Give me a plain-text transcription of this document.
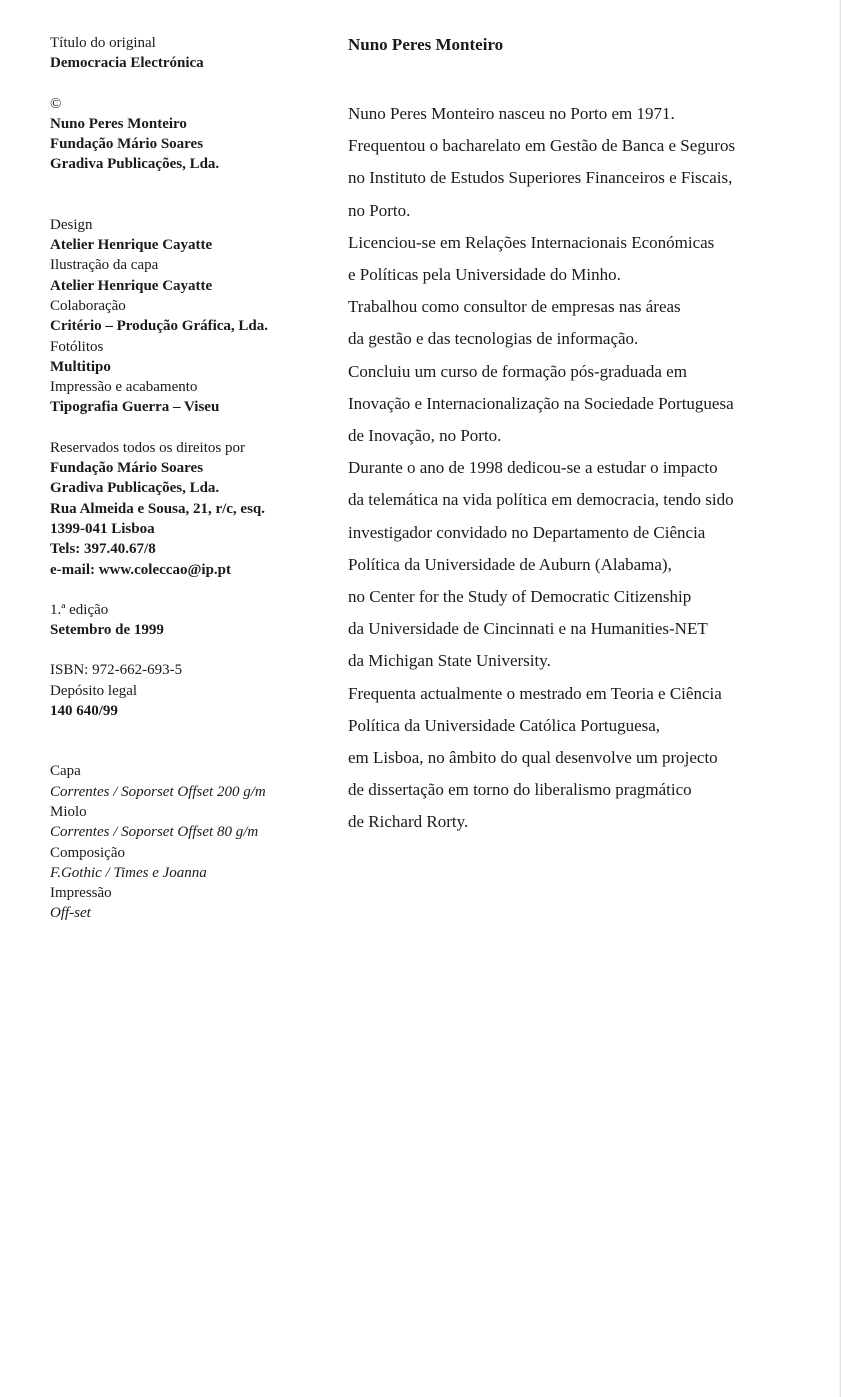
Título do original
Democracia Electrónica
©
Nuno Peres Monteiro
Fundação Mário Soares
Gradiva Publicações, Lda.
Design
Atelier Henrique Cayatte
Ilustração da capa
Atelier Henrique Cayatte
Colaboração
Critério – Produção Gráfica, Lda.
Fotólitos
Multitipo
Impressão e acabamento
Tipografia Guerra – Viseu
Reservados todos os direitos por
Fundação Mário Soares
Gradiva Publicações, Lda.
Rua Almeida e Sousa, 21, r/c, esq.
1399-041 Lisboa
Tels: 397.40.67/8
e-mail: www.coleccao@ip.pt
1.ª edição
Setembro de 1999
ISBN: 972-662-693-5
Depósito legal
140 640/99
Capa
Correntes / Soporset Offset 200 g/m
Miolo
Correntes / Soporset Offset 80 g/m
Composição
F.Gothic / Times e Joanna
Impressão
Off-set
Nuno Peres Monteiro
Nuno Peres Monteiro nasceu no Porto em 1971.
Frequentou o bacharelato em Gestão de Banca e Seguros
no Instituto de Estudos Superiores Financeiros e Fiscais,
no Porto.
Licenciou-se em Relações Internacionais Económicas
e Políticas pela Universidade do Minho.
Trabalhou como consultor de empresas nas áreas
da gestão e das tecnologias de informação.
Concluiu um curso de formação pós-graduada em
Inovação e Internacionalização na Sociedade Portuguesa
de Inovação, no Porto.
Durante o ano de 1998 dedicou-se a estudar o impacto
da telemática na vida política em democracia, tendo sido
investigador convidado no Departamento de Ciência
Política da Universidade de Auburn (Alabama),
no Center for the Study of Democratic Citizenship
da Universidade de Cincinnati e na Humanities-NET
da Michigan State University.
Frequenta actualmente o mestrado em Teoria e Ciência
Política da Universidade Católica Portuguesa,
em Lisboa, no âmbito do qual desenvolve um projecto
de dissertação em torno do liberalismo pragmático
de Richard Rorty.
